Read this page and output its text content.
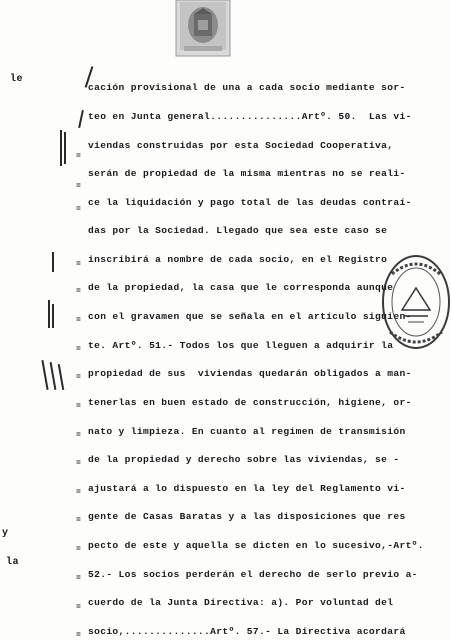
le
y
la
=
=
=
=
=
=
=
=
=
=
=
=
=
=
=
=
=
cación provisional de una a cada socio mediante sor-
teo en Junta general...............Artº. 50.  Las vi-
viendas construidas por esta Sociedad Cooperativa,
serán de propiedad de la misma mientras no se reali-
ce la liquidación y pago total de las deudas contraí-
das por la Sociedad. Llegado que sea este caso se
inscribirá a nombre de cada socio, en el Registro
de la propiedad, la casa que le corresponda aunque
con el gravamen que se señala en el artículo siguien-
te. Artº. 51.- Todos los que lleguen a adquirir la
propiedad de sus  viviendas quedarán obligados a man-
tenerlas en buen estado de construcción, higiene, or-
nato y limpieza. En cuanto al regimen de transmisión
de la propiedad y derecho sobre las viviendas, se -
ajustará a lo dispuesto en la ley del Reglamento vi-
gente de Casas Baratas y a las disposiciones que res
pecto de este y aquella se dicten en lo sucesivo,-Artº.
52.- Los socios perderán el derecho de serlo previo a-
cuerdo de la Junta Directiva: a). Por voluntad del
socio,..............Artº. 57.- La Directiva acordará
